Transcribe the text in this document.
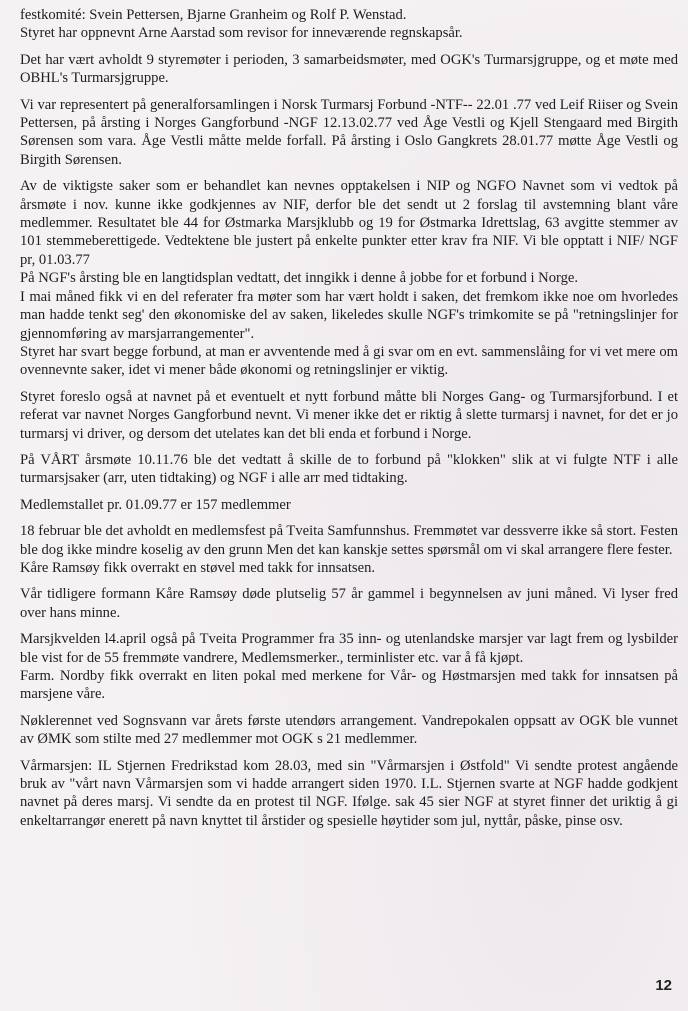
festkomité: Svein Pettersen, Bjarne Granheim og Rolf P. Wenstad.
Styret har oppnevnt Arne Aarstad som revisor for inneværende regnskapsår.
Det har vært avholdt 9 styremøter i perioden, 3 samarbeidsmøter, med OGK's Turmarsjgruppe, og et møte med OBHL's Turmarsjgruppe.
Vi var representert på generalforsamlingen i Norsk Turmarsj Forbund -NTF-- 22.01 .77 ved Leif Riiser og Svein Pettersen, på årsting i Norges Gangforbund -NGF 12.13.02.77 ved Åge Vestli og Kjell Stengaard med Birgith Sørensen som vara. Åge Vestli måtte melde forfall. På årsting i Oslo Gangkrets 28.01.77 møtte Åge Vestli og Birgith Sørensen.
Av de viktigste saker som er behandlet kan nevnes opptakelsen i NIP og NGFO Navnet som vi vedtok på årsmøte i nov. kunne ikke godkjennes av NIF, derfor ble det sendt ut 2 forslag til avstemning blant våre medlemmer. Resultatet ble 44 for Østmarka Marsjklubb og 19 for Østmarka Idrettslag, 63 avgitte stemmer av 101 stemmeberettigede. Vedtektene ble justert på enkelte punkter etter krav fra NIF. Vi ble opptatt i NIF/ NGF pr, 01.03.77
På NGF's årsting ble en langtidsplan vedtatt, det inngikk i denne å jobbe for et forbund i Norge.
I mai måned fikk vi en del referater fra møter som har vært holdt i saken, det fremkom ikke noe om hvorledes man hadde tenkt seg' den økonomiske del av saken, likeledes skulle NGF's trimkomite se på "retningslinjer for gjennomføring av marsjarrangementer".
Styret har svart begge forbund, at man er avventende med å gi svar om en evt. sammenslåing for vi vet mere om ovennevnte saker, idet vi mener både økonomi og retningslinjer er viktig.
Styret foreslo også at navnet på et eventuelt et nytt forbund måtte bli Norges Gang- og Turmarsjforbund. I et referat var navnet Norges Gangforbund nevnt. Vi mener ikke det er riktig å slette turmarsj i navnet, for det er jo turmarsj vi driver, og dersom det utelates kan det bli enda et forbund i Norge.
På VÅRT årsmøte 10.11.76 ble det vedtatt å skille de to forbund på "klokken" slik at vi fulgte NTF i alle turmarsjsaker (arr, uten tidtaking) og NGF i alle arr med tidtaking.
Medlemstallet pr. 01.09.77 er 157 medlemmer
18 februar ble det avholdt en medlemsfest på Tveita Samfunnshus. Fremmøtet var dessverre ikke så stort. Festen ble dog ikke mindre koselig av den grunn Men det kan kanskje settes spørsmål om vi skal arrangere flere fester.
Kåre Ramsøy fikk overrakt en støvel med takk for innsatsen.
Vår tidligere formann Kåre Ramsøy døde plutselig 57 år gammel i begynnelsen av juni måned. Vi lyser fred over hans minne.
Marsjkvelden l4.april også på Tveita Programmer fra 35 inn- og utenlandske marsjer var lagt frem og lysbilder ble vist for de 55 fremmøte vandrere, Medlemsmerker., terminlister etc. var å få kjøpt.
Farm. Nordby fikk overrakt en liten pokal med merkene for Vår- og Høstmarsjen med takk for innsatsen på marsjene våre.
Nøklerennet ved Sognsvann var årets første utendørs arrangement. Vandrepokalen oppsatt av OGK ble vunnet av ØMK som stilte med 27 medlemmer mot OGK s 21 medlemmer.
Vårmarsjen: IL Stjernen Fredrikstad kom 28.03, med sin "Vårmarsjen i Østfold" Vi sendte protest angående bruk av "vårt navn Vårmarsjen som vi hadde arrangert siden 1970. I.L. Stjernen svarte at NGF hadde godkjent navnet på deres marsj. Vi sendte da en protest til NGF. Ifølge. sak 45 sier NGF at styret finner det uriktig å gi enkeltarrangør enerett på navn knyttet til årstider og spesielle høytider som jul, nyttår, påske, pinse osv.
12
